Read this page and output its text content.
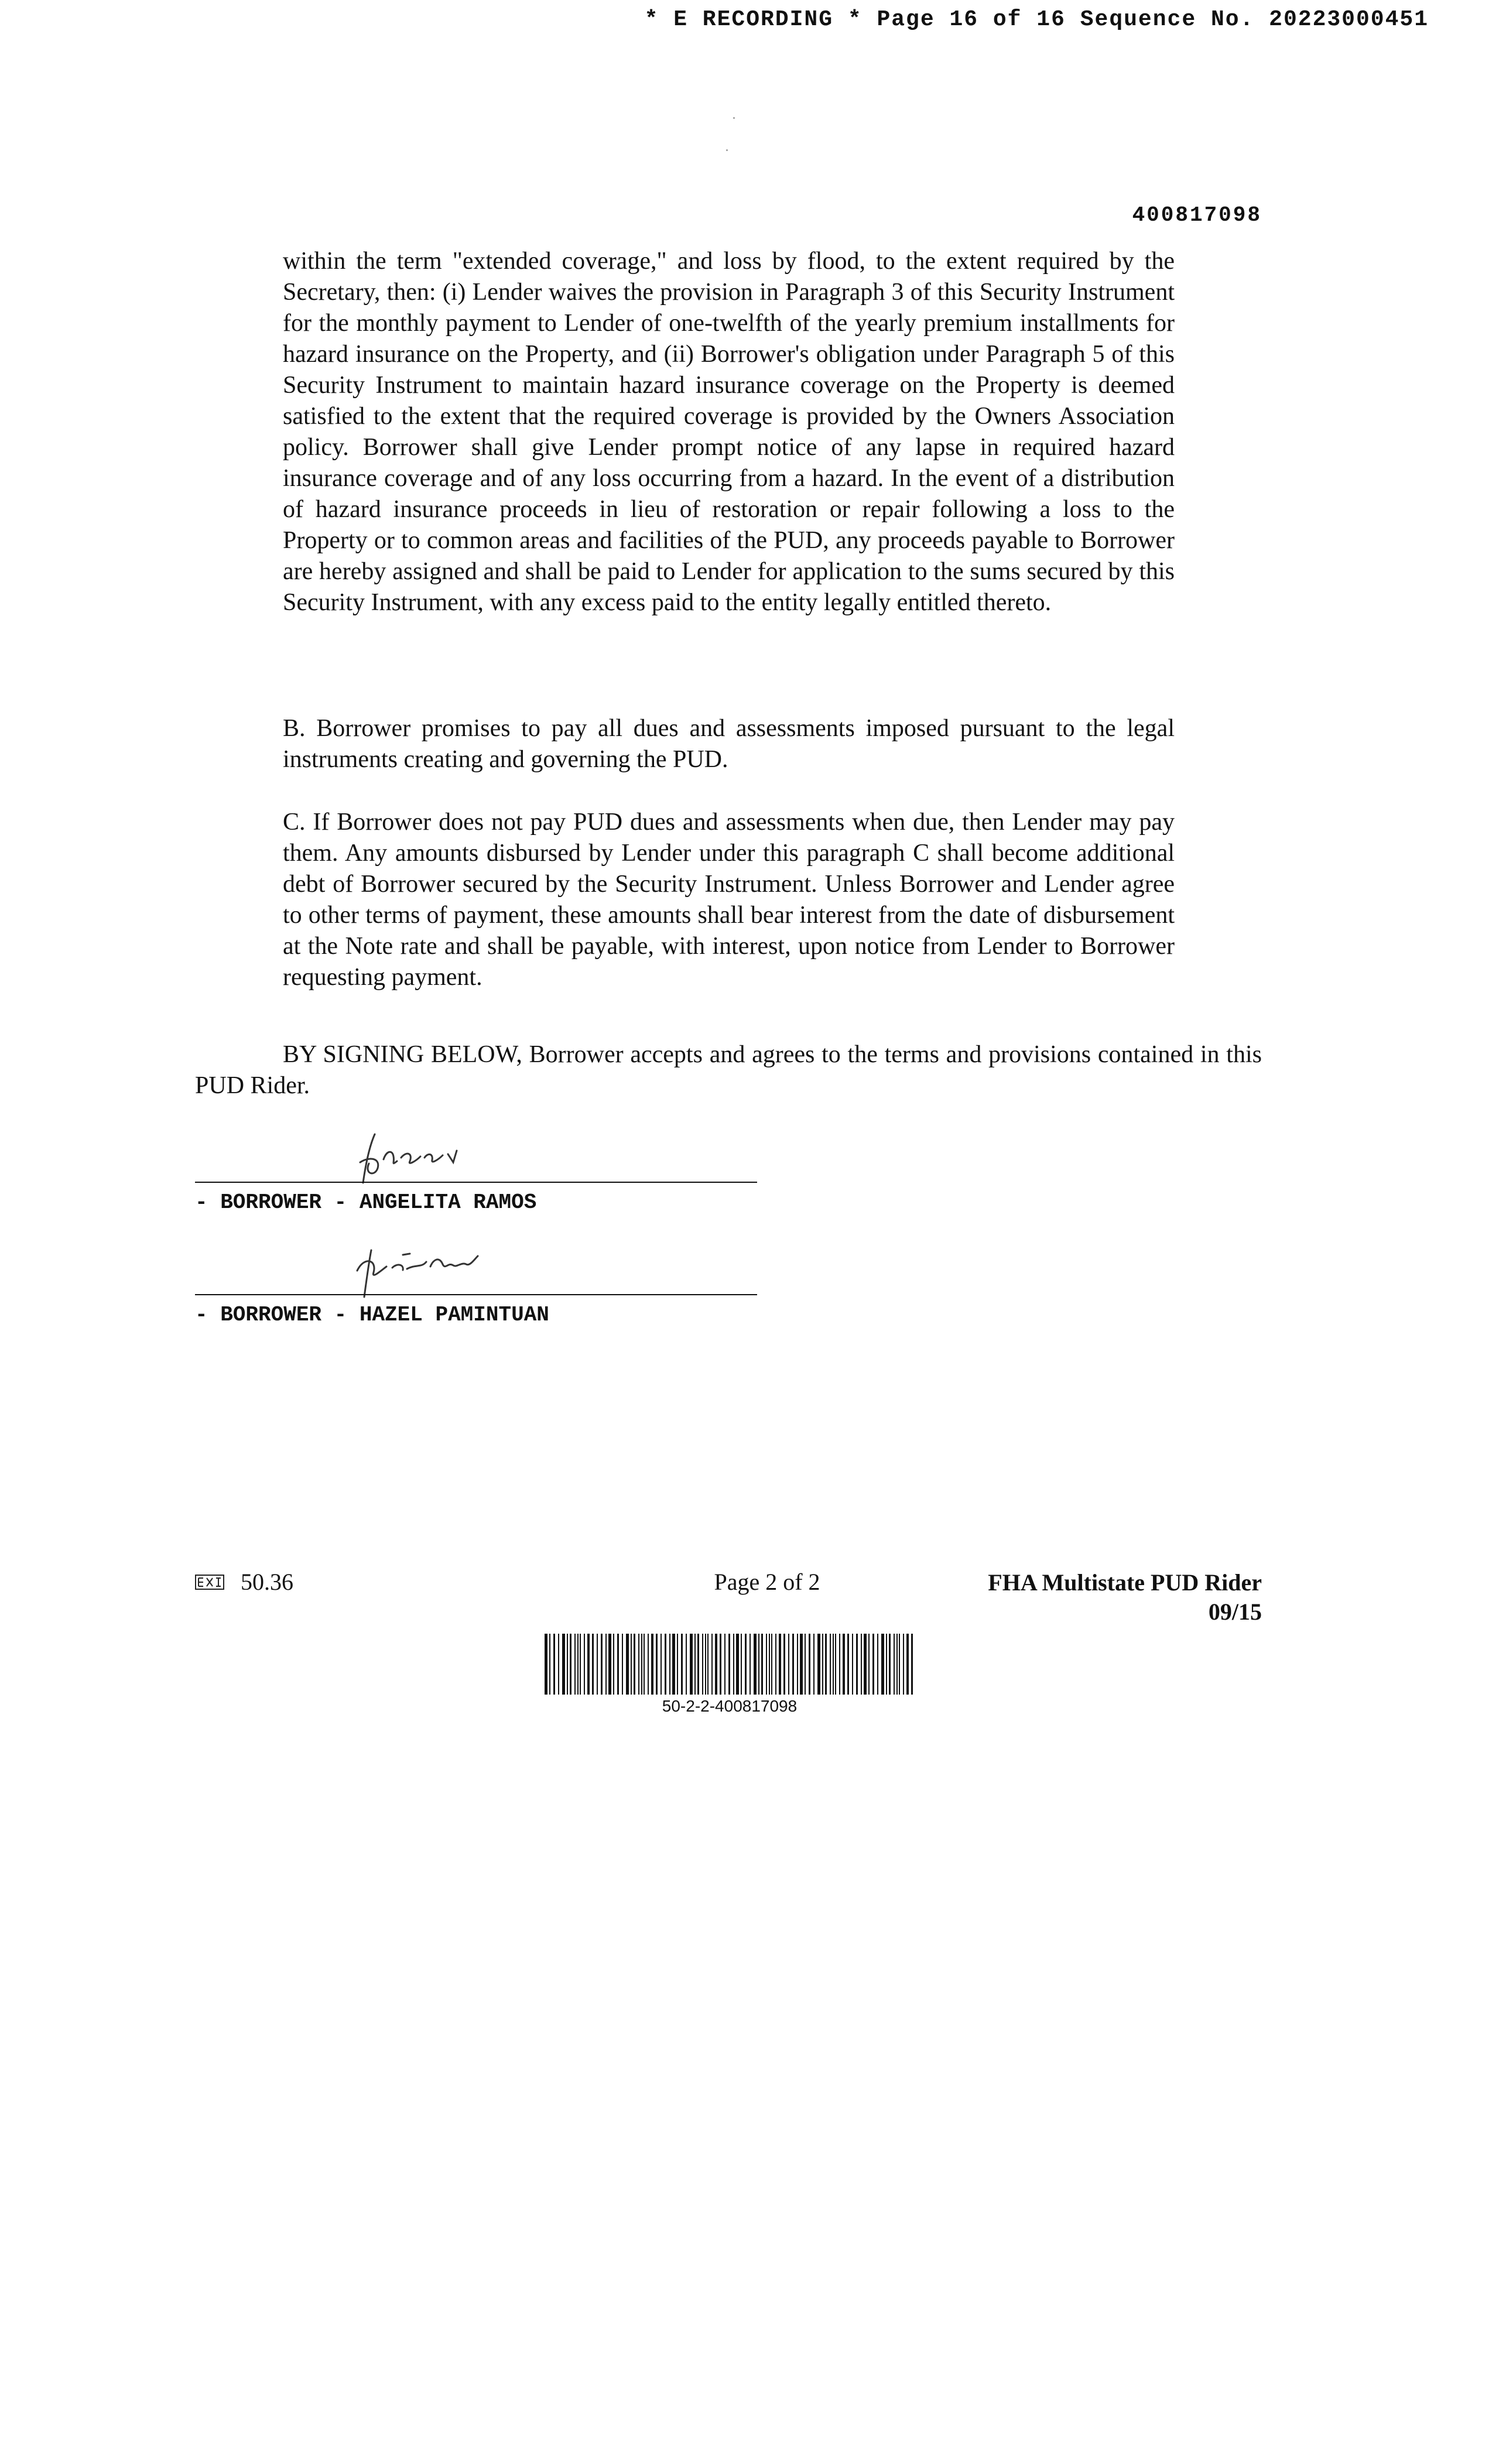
* E RECORDING * Page 16 of 16 Sequence No. 20223000451
400817098
within the term "extended coverage," and loss by flood, to the extent required by the Secretary, then: (i) Lender waives the provision in Paragraph 3 of this Security Instrument for the monthly payment to Lender of one-twelfth of the yearly premium installments for hazard insurance on the Property, and (ii) Borrower's obligation under Paragraph 5 of this Security Instrument to maintain hazard insurance coverage on the Property is deemed satisfied to the extent that the required coverage is provided by the Owners Association policy. Borrower shall give Lender prompt notice of any lapse in required hazard insurance coverage and of any loss occurring from a hazard. In the event of a distribution of hazard insurance proceeds in lieu of restoration or repair following a loss to the Property or to common areas and facilities of the PUD, any proceeds payable to Borrower are hereby assigned and shall be paid to Lender for application to the sums secured by this Security Instrument, with any excess paid to the entity legally entitled thereto.
B. Borrower promises to pay all dues and assessments imposed pursuant to the legal instruments creating and governing the PUD.
C. If Borrower does not pay PUD dues and assessments when due, then Lender may pay them. Any amounts disbursed by Lender under this paragraph C shall become additional debt of Borrower secured by the Security Instrument. Unless Borrower and Lender agree to other terms of payment, these amounts shall bear interest from the date of disbursement at the Note rate and shall be payable, with interest, upon notice from Lender to Borrower requesting payment.
BY SIGNING BELOW, Borrower accepts and agrees to the terms and provisions contained in this PUD Rider.
- BORROWER - ANGELITA RAMOS
- BORROWER - HAZEL PAMINTUAN
50.36	Page 2 of 2	FHA Multistate PUD Rider
09/15
50-2-2-400817098
